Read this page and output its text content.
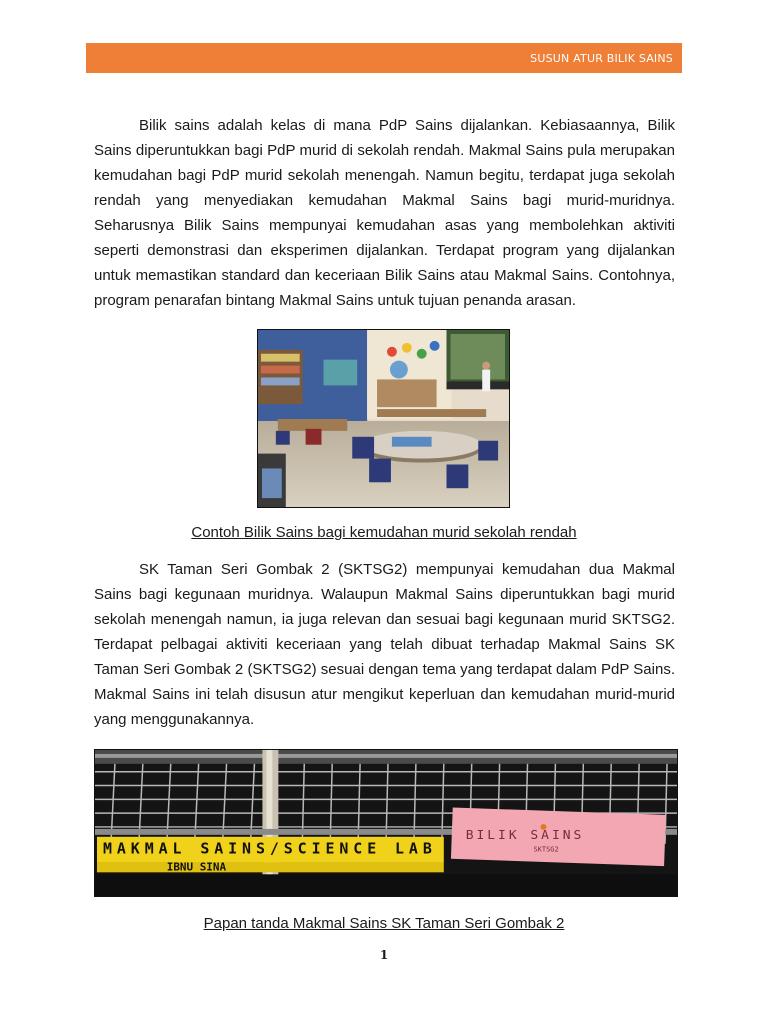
SUSUN ATUR BILIK SAINS

Bilik sains adalah kelas di mana PdP Sains dijalankan. Kebiasaannya, Bilik Sains diperuntukkan bagi PdP murid di sekolah rendah. Makmal Sains pula merupakan kemudahan bagi PdP murid sekolah menengah. Namun begitu, terdapat juga sekolah rendah yang menyediakan kemudahan Makmal Sains bagi murid-muridnya. Seharusnya Bilik Sains mempunyai kemudahan asas yang membolehkan aktiviti seperti demonstrasi dan eksperimen dijalankan. Terdapat program yang dijalankan untuk memastikan standard dan keceriaan Bilik Sains atau Makmal Sains. Contohnya, program penarafan bintang Makmal Sains untuk tujuan penanda arasan.

Contoh Bilik Sains bagi kemudahan murid sekolah rendah

SK Taman Seri Gombak 2 (SKTSG2) mempunyai kemudahan dua Makmal Sains bagi kegunaan muridnya. Walaupun Makmal Sains diperuntukkan bagi murid sekolah menengah namun, ia juga relevan dan sesuai bagi kegunaan murid SKTSG2. Terdapat pelbagai aktiviti keceriaan yang telah dibuat terhadap Makmal Sains SK Taman Seri Gombak 2 (SKTSG2) sesuai dengan tema yang terdapat dalam PdP Sains. Makmal Sains ini telah disusun atur mengikut keperluan dan kemudahan murid-murid yang menggunakannya.

MAKMAL SAINS/SCIENCE LAB
IBNU SINA
BILIK SAINS
SKTSG2

Papan tanda Makmal Sains SK Taman Seri Gombak 2

1
